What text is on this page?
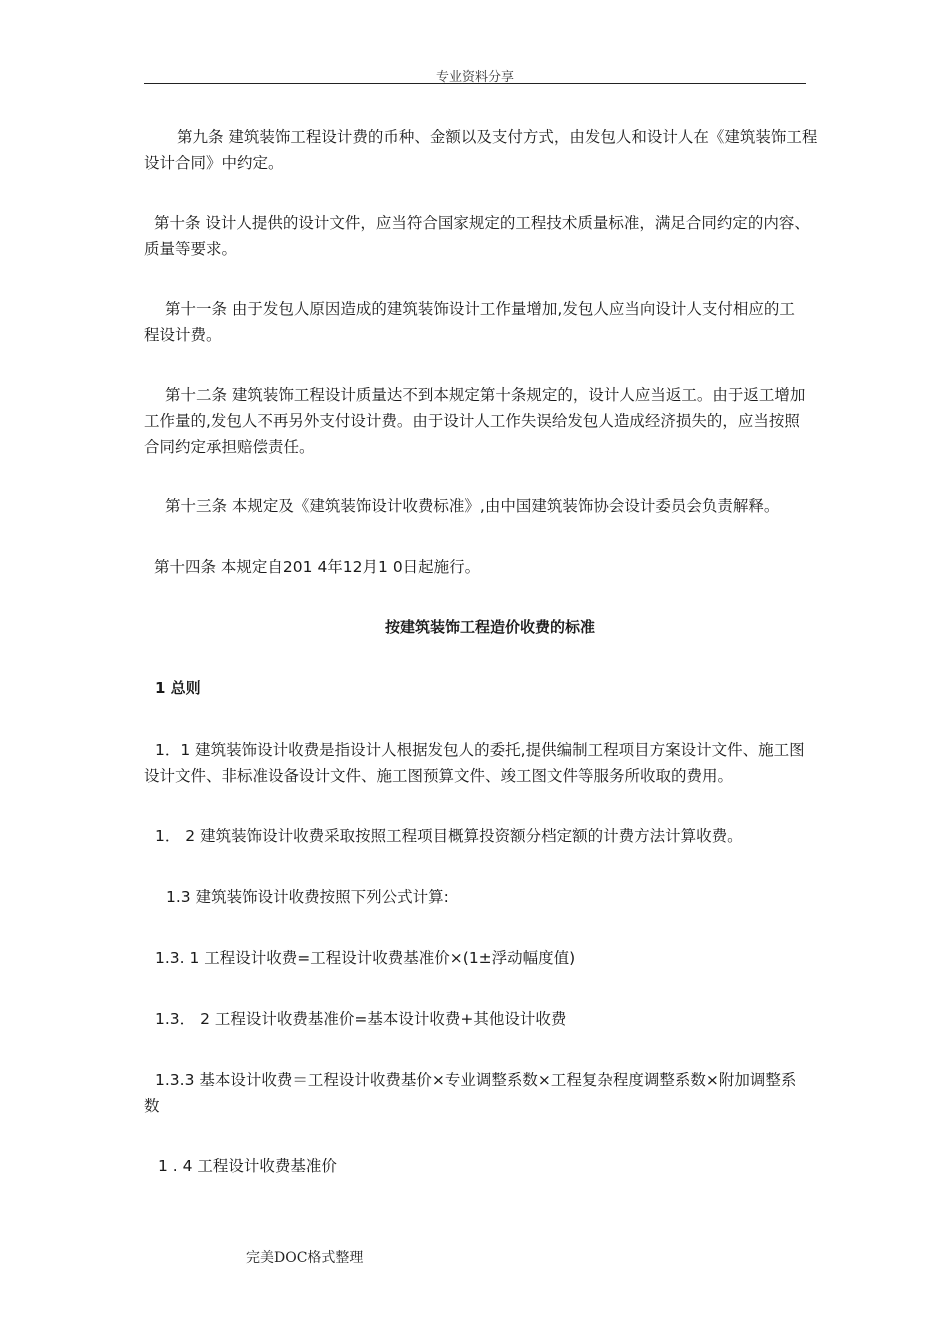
专业资料分享

第九条 建筑装饰工程设计费的币种、金额以及支付方式，由发包人和设计人在《建筑装饰工程设计合同》中约定。

第十条 设计人提供的设计文件，应当符合国家规定的工程技术质量标准，满足合同约定的内容、质量等要求。

第十一条 由于发包人原因造成的建筑装饰设计工作量增加,发包人应当向设计人支付相应的工程设计费。

第十二条 建筑装饰工程设计质量达不到本规定第十条规定的，设计人应当返工。由于返工增加工作量的,发包人不再另外支付设计费。由于设计人工作失误给发包人造成经济损失的，应当按照合同约定承担赔偿责任。

第十三条 本规定及《建筑装饰设计收费标准》,由中国建筑装饰协会设计委员会负责解释。

第十四条 本规定自201 4年12月1 0日起施行。

按建筑装饰工程造价收费的标准

1 总则

1．1 建筑装饰设计收费是指设计人根据发包人的委托,提供编制工程项目方案设计文件、施工图设计文件、非标准设备设计文件、施工图预算文件、竣工图文件等服务所收取的费用。

1． 2 建筑装饰设计收费采取按照工程项目概算投资额分档定额的计费方法计算收费。

1.3 建筑装饰设计收费按照下列公式计算:

1.3. 1 工程设计收费=工程设计收费基准价×(1±浮动幅度值)

1.3． 2 工程设计收费基准价=基本设计收费+其他设计收费

1.3.3 基本设计收费＝工程设计收费基价×专业调整系数×工程复杂程度调整系数×附加调整系数

1 . 4 工程设计收费基准价

完美DOC格式整理
